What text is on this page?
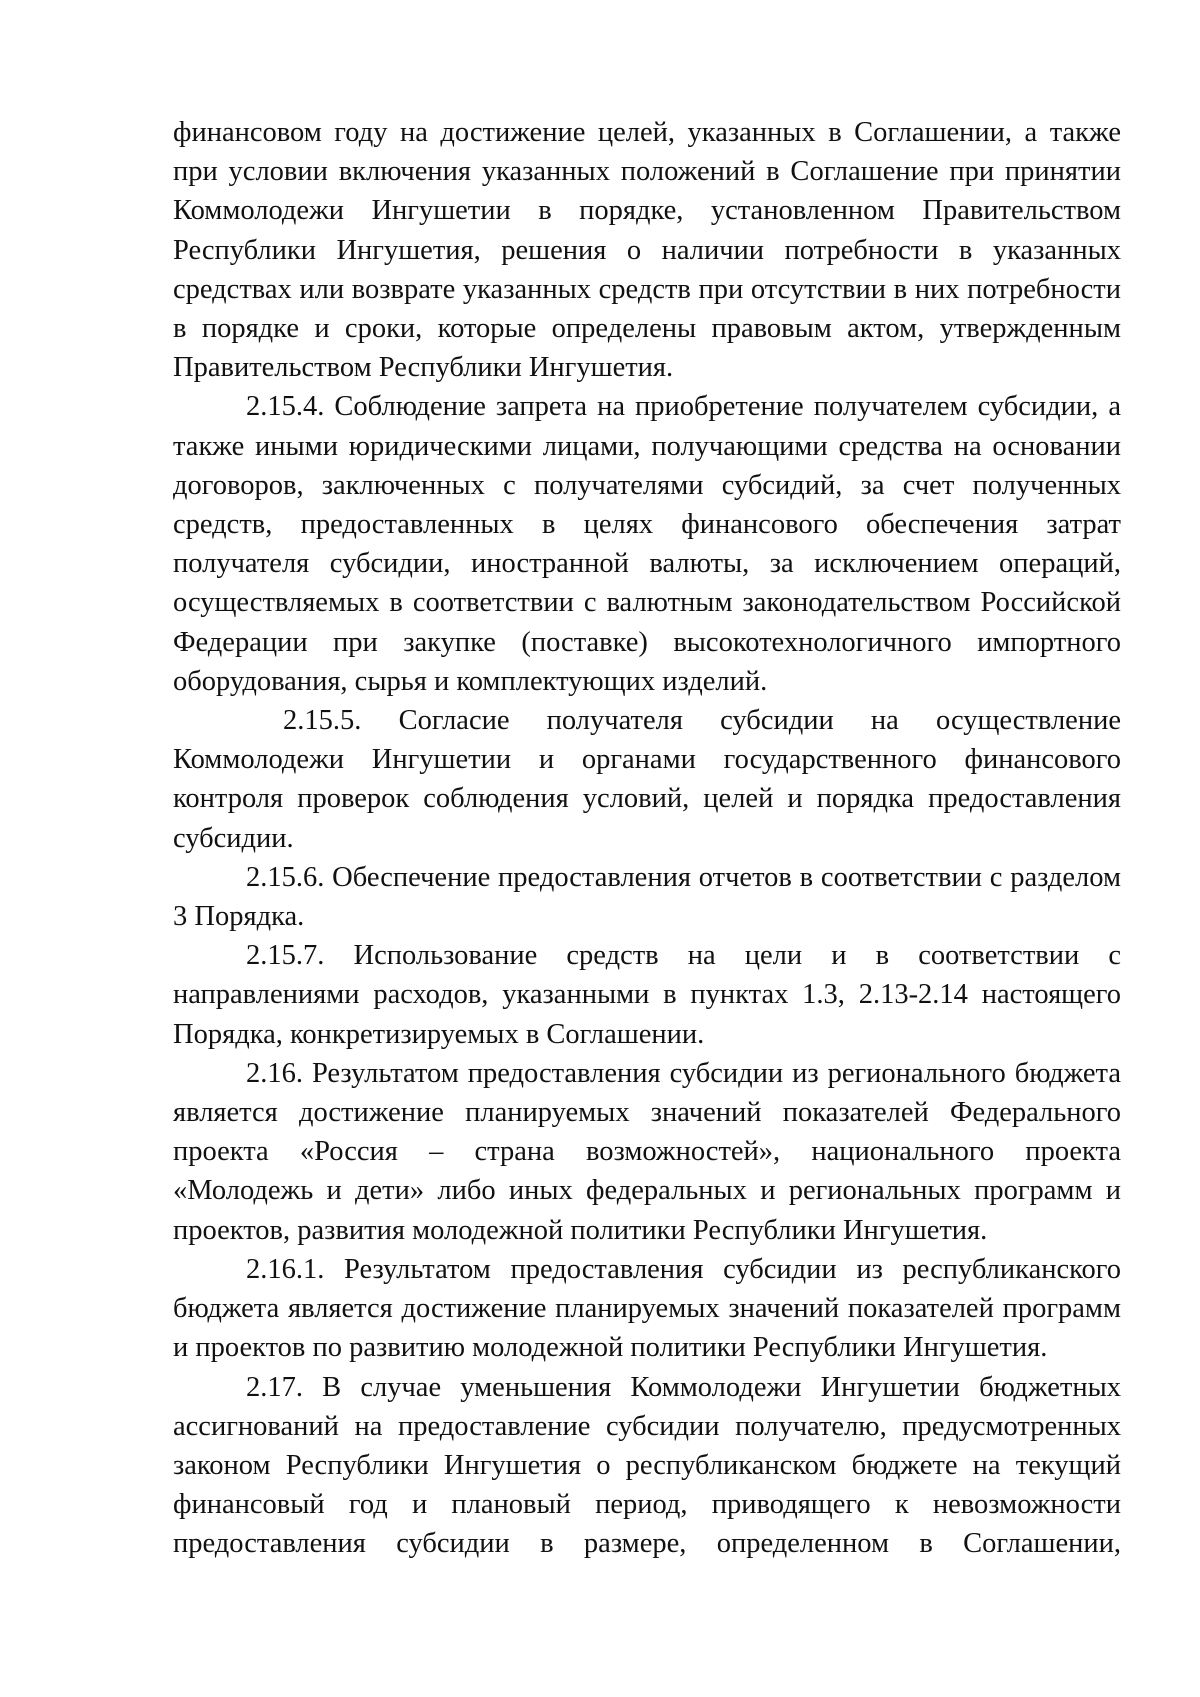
финансовом году на достижение целей, указанных в Соглашении, а также при условии включения указанных положений в Соглашение при принятии Коммолодежи Ингушетии в порядке, установленном Правительством Республики Ингушетия, решения о наличии потребности в указанных средствах или возврате указанных средств при отсутствии в них потребности в порядке и сроки, которые определены правовым актом, утвержденным Правительством Республики Ингушетия.

2.15.4. Соблюдение запрета на приобретение получателем субсидии, а также иными юридическими лицами, получающими средства на основании договоров, заключенных с получателями субсидий, за счет полученных средств, предоставленных в целях финансового обеспечения затрат получателя субсидии, иностранной валюты, за исключением операций, осуществляемых в соответствии с валютным законодательством Российской Федерации при закупке (поставке) высокотехнологичного импортного оборудования, сырья и комплектующих изделий.

2.15.5. Согласие получателя субсидии на осуществление Коммолодежи Ингушетии и органами государственного финансового контроля проверок соблюдения условий, целей и порядка предоставления субсидии.

2.15.6. Обеспечение предоставления отчетов в соответствии с разделом 3 Порядка.

2.15.7. Использование средств на цели и в соответствии с направлениями расходов, указанными в пунктах 1.3, 2.13-2.14 настоящего Порядка, конкретизируемых в Соглашении.

2.16. Результатом предоставления субсидии из регионального бюджета является достижение планируемых значений показателей Федерального проекта «Россия – страна возможностей», национального проекта «Молодежь и дети» либо иных федеральных и региональных программ и проектов, развития молодежной политики Республики Ингушетия.

2.16.1. Результатом предоставления субсидии из республиканского бюджета является достижение планируемых значений показателей программ и проектов по развитию молодежной политики Республики Ингушетия.

2.17. В случае уменьшения Коммолодежи Ингушетии бюджетных ассигнований на предоставление субсидии получателю, предусмотренных законом Республики Ингушетия о республиканском бюджете на текущий финансовый год и плановый период, приводящего к невозможности предоставления субсидии в размере, определенном в Соглашении,
